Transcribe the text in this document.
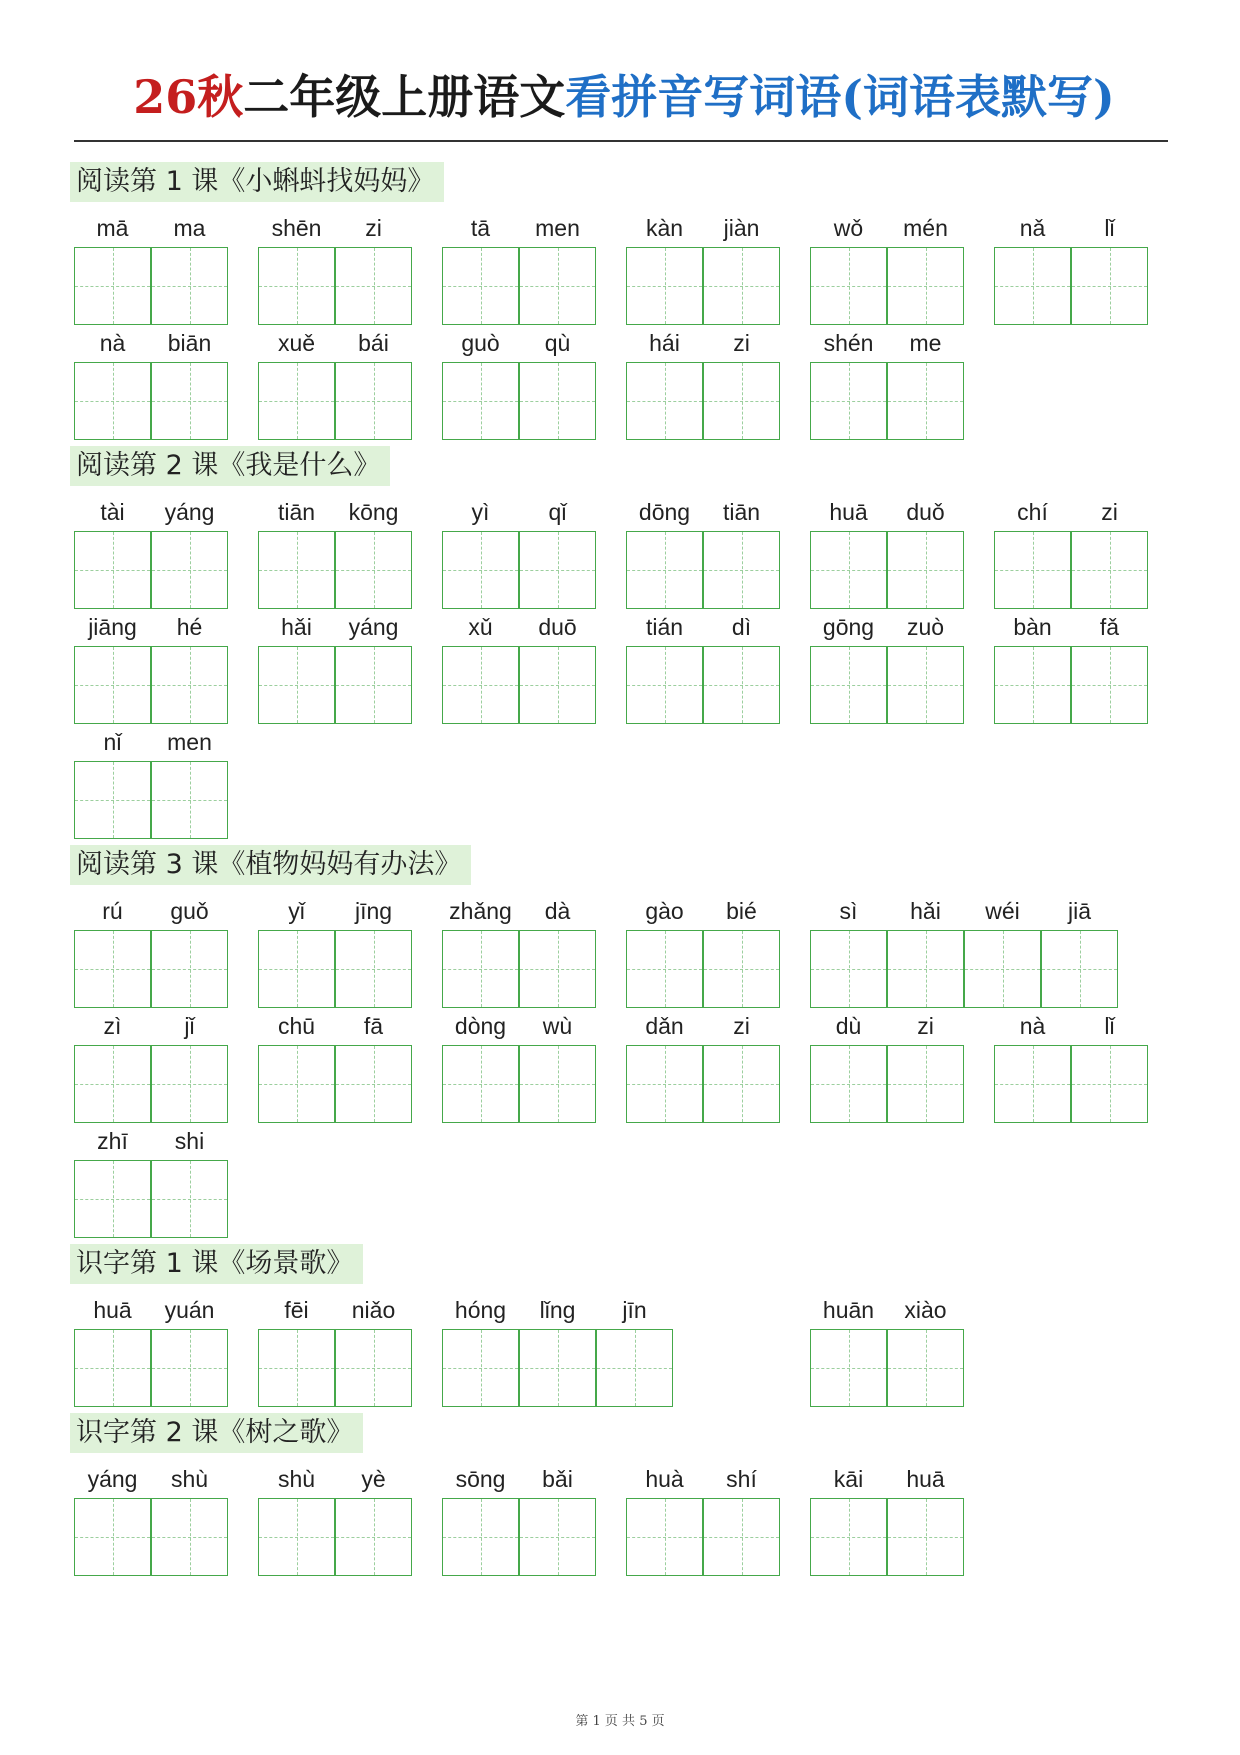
26秋二年级上册语文看拼音写词语(词语表默写)
阅读第 1 课《小蝌蚪找妈妈》
mā	ma	shēn	zi	tā	men	kàn	jiàn	wǒ	mén	nǎ	lǐ
nà	biān	xuě	bái	guò	qù	hái	zi	shén	me
阅读第 2 课《我是什么》
tài	yáng	tiān	kōng	yì	qǐ	dōng	tiān	huā	duǒ	chí	zi
jiāng	hé	hǎi	yáng	xǔ	duō	tián	dì	gōng	zuò	bàn	fǎ
nǐ	men
阅读第 3 课《植物妈妈有办法》
rú	guǒ	yǐ	jīng	zhǎng	dà	gào	bié	sì	hǎi	wéi	jiā
zì	jǐ	chū	fā	dòng	wù	dǎn	zi	dù	zi	nà	lǐ
zhī	shi
识字第 1 课《场景歌》
huā	yuán	fēi	niǎo	hóng	lǐng	jīn	huān	xiào
识字第 2 课《树之歌》
yáng	shù	shù	yè	sōng	bǎi	huà	shí	kāi	huā
第 1 页 共 5 页
